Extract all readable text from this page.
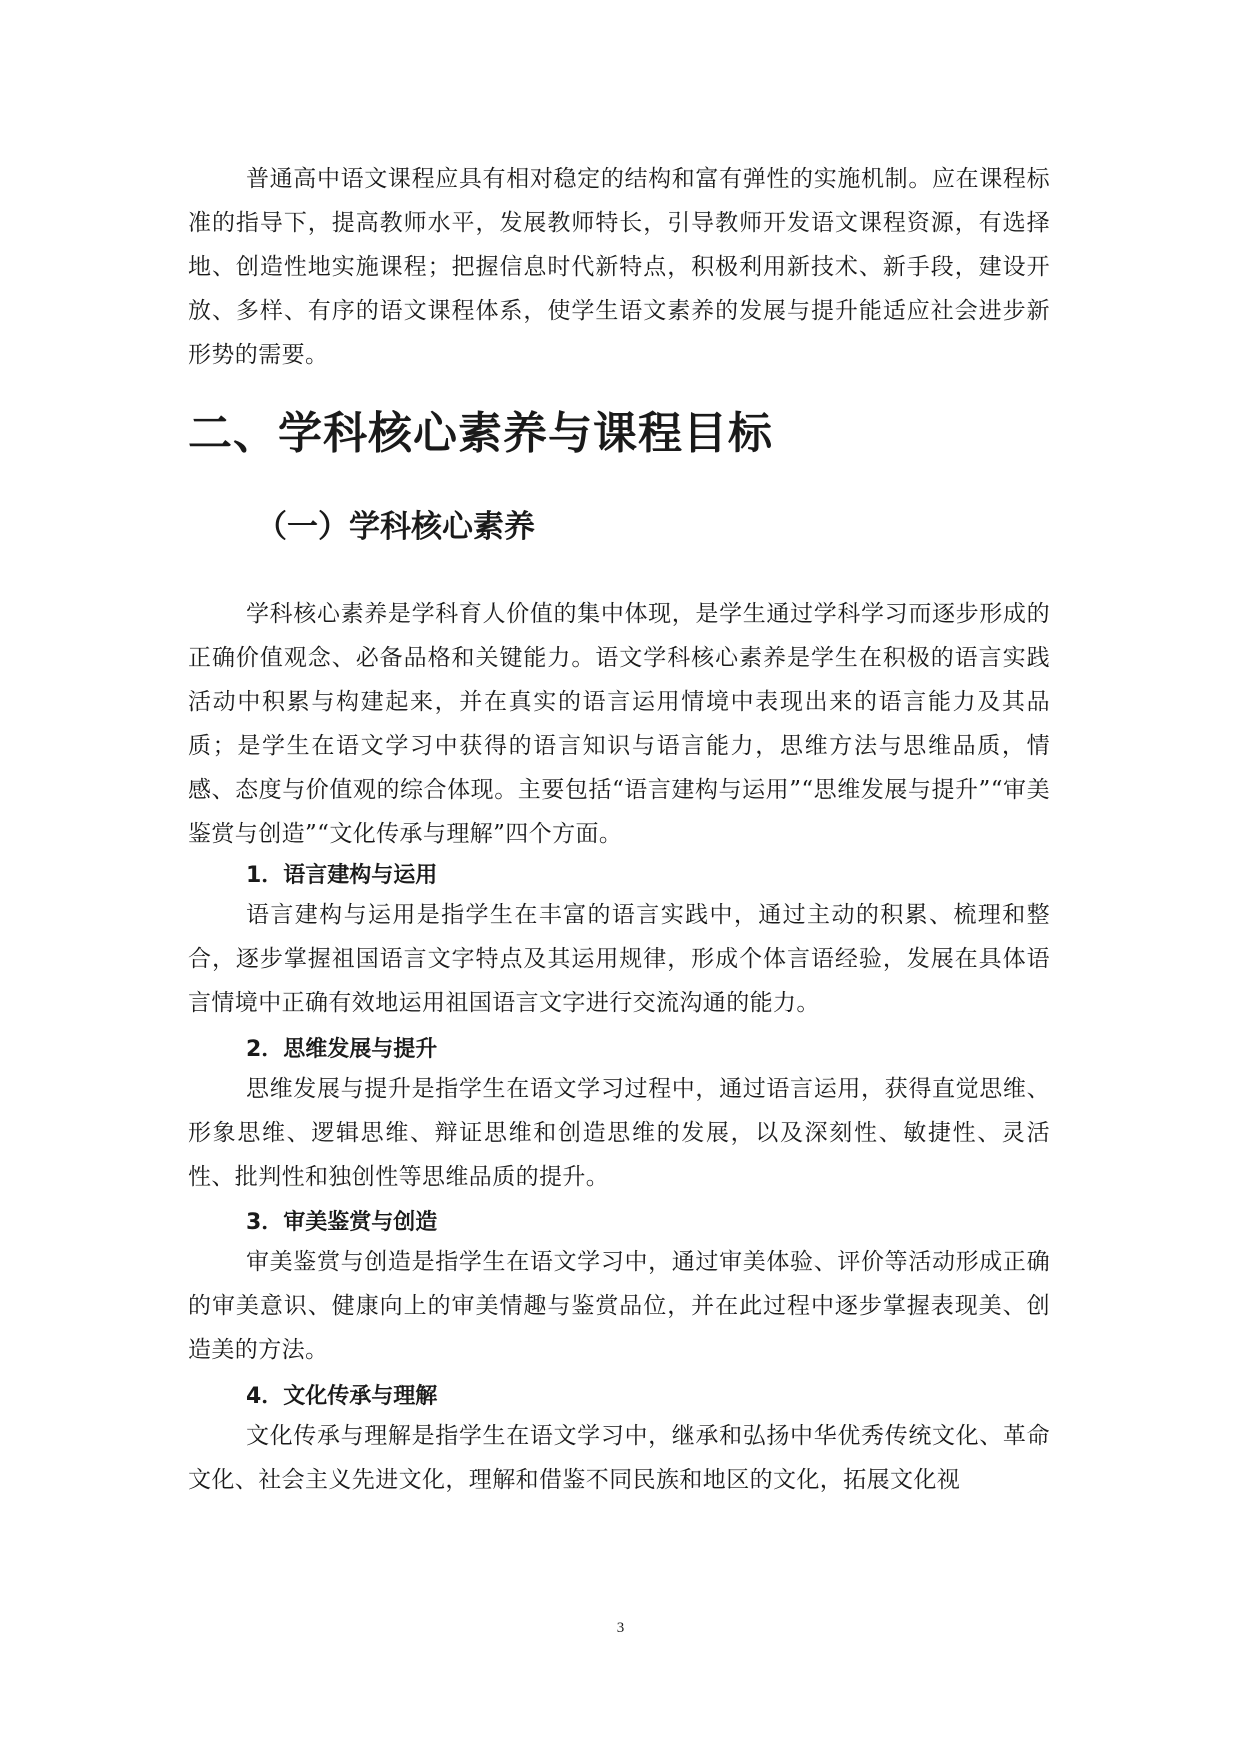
普通高中语文课程应具有相对稳定的结构和富有弹性的实施机制。应在课程标准的指导下，提高教师水平，发展教师特长，引导教师开发语文课程资源，有选择地、创造性地实施课程；把握信息时代新特点，积极利用新技术、新手段，建设开放、多样、有序的语文课程体系，使学生语文素养的发展与提升能适应社会进步新形势的需要。

二、学科核心素养与课程目标
（一）学科核心素养

学科核心素养是学科育人价值的集中体现，是学生通过学科学习而逐步形成的正确价值观念、必备品格和关键能力。语文学科核心素养是学生在积极的语言实践活动中积累与构建起来，并在真实的语言运用情境中表现出来的语言能力及其品质；是学生在语文学习中获得的语言知识与语言能力，思维方法与思维品质，情感、态度与价值观的综合体现。主要包括“语言建构与运用”“思维发展与提升”“审美鉴赏与创造”“文化传承与理解”四个方面。

1．语言建构与运用

语言建构与运用是指学生在丰富的语言实践中，通过主动的积累、梳理和整合，逐步掌握祖国语言文字特点及其运用规律，形成个体言语经验，发展在具体语言情境中正确有效地运用祖国语言文字进行交流沟通的能力。

2．思维发展与提升

思维发展与提升是指学生在语文学习过程中，通过语言运用，获得直觉思维、形象思维、逻辑思维、辩证思维和创造思维的发展，以及深刻性、敏捷性、灵活性、批判性和独创性等思维品质的提升。

3．审美鉴赏与创造

审美鉴赏与创造是指学生在语文学习中，通过审美体验、评价等活动形成正确的审美意识、健康向上的审美情趣与鉴赏品位，并在此过程中逐步掌握表现美、创造美的方法。

4．文化传承与理解

文化传承与理解是指学生在语文学习中，继承和弘扬中华优秀传统文化、革命文化、社会主义先进文化，理解和借鉴不同民族和地区的文化，拓展文化视

3
